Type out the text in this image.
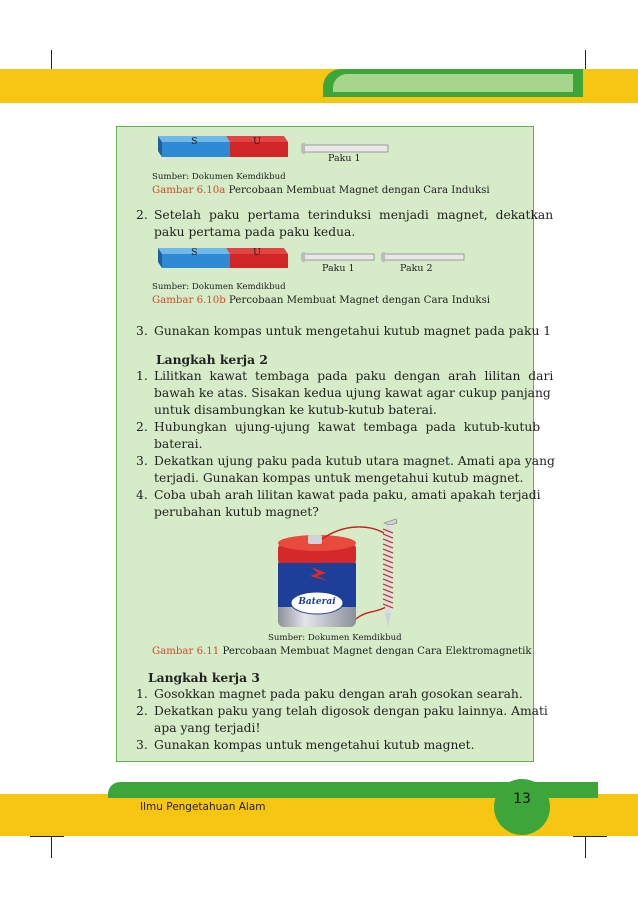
S	U
Paku 1
Sumber: Dokumen Kemdikbud
Gambar 6.10a Percobaan Membuat Magnet dengan Cara Induksi
2. Setelah paku pertama terinduksi menjadi magnet, dekatkan
paku pertama pada paku kedua.
S	U
Paku 1	Paku 2
Sumber: Dokumen Kemdikbud
Gambar 6.10b Percobaan Membuat Magnet dengan Cara Induksi
3. Gunakan kompas untuk mengetahui kutub magnet pada paku 1
Langkah kerja 2
1. Lilitkan kawat tembaga pada paku dengan arah lilitan dari
bawah ke atas. Sisakan kedua ujung kawat agar cukup panjang
untuk disambungkan ke kutub-kutub baterai.
2. Hubungkan ujung-ujung kawat tembaga pada kutub-kutub
baterai.
3. Dekatkan ujung paku pada kutub utara magnet. Amati apa yang
terjadi. Gunakan kompas untuk mengetahui kutub magnet.
4. Coba ubah arah lilitan kawat pada paku, amati apakah terjadi
perubahan kutub magnet?
Baterai
Sumber: Dokumen Kemdikbud
Gambar 6.11 Percobaan Membuat Magnet dengan Cara Elektromagnetik
Langkah kerja 3
1. Gosokkan magnet pada paku dengan arah gosokan searah.
2. Dekatkan paku yang telah digosok dengan paku lainnya. Amati
apa yang terjadi!
3. Gunakan kompas untuk mengetahui kutub magnet.
Ilmu Pengetahuan Alam	13
